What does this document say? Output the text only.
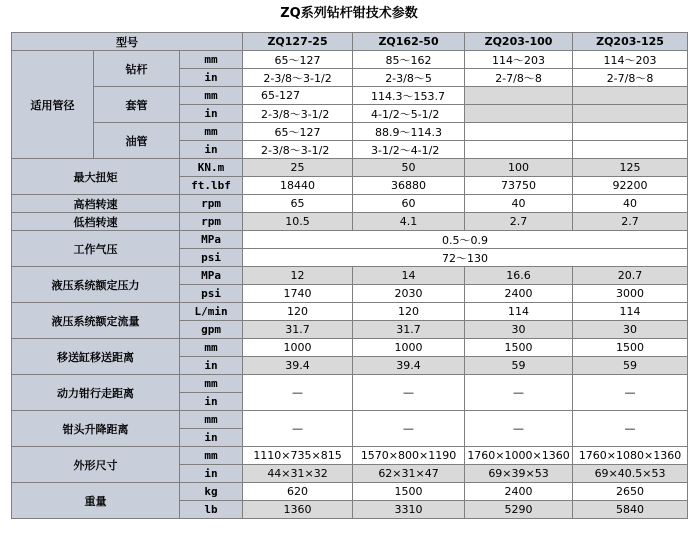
ZQ系列钻杆钳技术参数
型号			ZQ127-25	ZQ162-50	ZQ203-100	ZQ203-125
适用管径	钻杆	mm	65～127	85～162	114～203	114～203
		in	2-3/8～3-1/2	2-3/8～5	2-7/8～8	2-7/8～8
	套管	mm	65-127	114.3～153.7		
		in	2-3/8～3-1/2	4-1/2～5-1/2		
	油管	mm	65～127	88.9～114.3		
		in	2-3/8～3-1/2	3-1/2～4-1/2		
最大扭矩		KN.m	25	50	100	125
		ft.lbf	18440	36880	73750	92200
高档转速		rpm	65	60	40	40
低档转速		rpm	10.5	4.1	2.7	2.7
工作气压		MPa	0.5～0.9			
		psi	72～130			
液压系统额定压力		MPa	12	14	16.6	20.7
		psi	1740	2030	2400	3000
液压系统额定流量		L/min	120	120	114	114
		gpm	31.7	31.7	30	30
移送缸移送距离		mm	1000	1000	1500	1500
		in	39.4	39.4	59	59
动力钳行走距离		mm	—	—	—	—
		in				
钳头升降距离		mm	—	—	—	—
		in				
外形尺寸		mm	1110×735×815	1570×800×1190	1760×1000×1360	1760×1080×1360
		in	44×31×32	62×31×47	69×39×53	69×40.5×53
重量		kg	620	1500	2400	2650
		lb	1360	3310	5290	5840
